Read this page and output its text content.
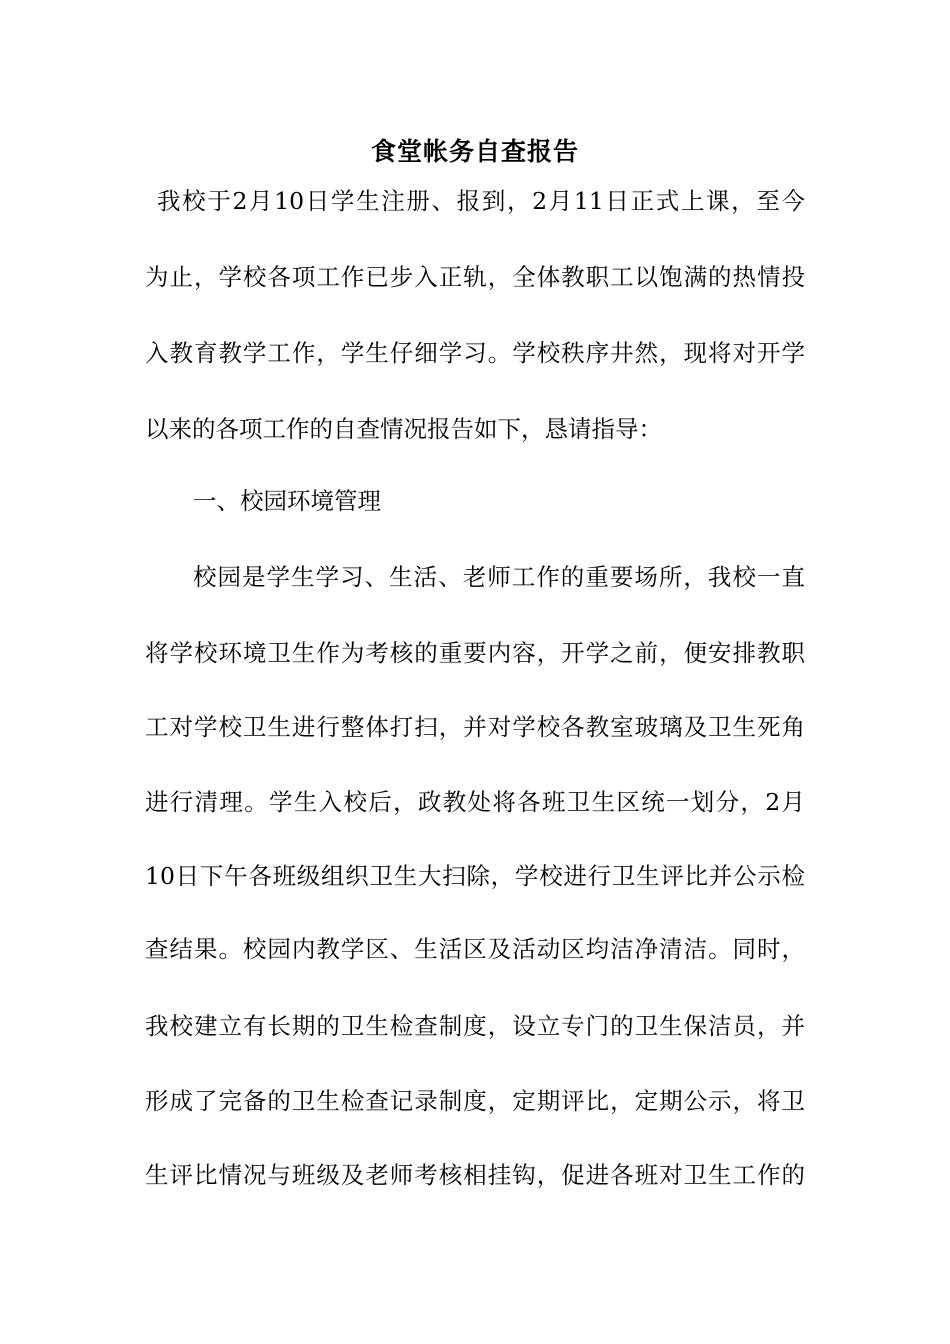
食堂帐务自查报告
我校于2月10日学生注册、报到，2月11日正式上课，至今
为止，学校各项工作已步入正轨，全体教职工以饱满的热情投
入教育教学工作，学生仔细学习。学校秩序井然，现将对开学
以来的各项工作的自查情况报告如下，恳请指导：
一、校园环境管理
校园是学生学习、生活、老师工作的重要场所，我校一直
将学校环境卫生作为考核的重要内容，开学之前，便安排教职
工对学校卫生进行整体打扫，并对学校各教室玻璃及卫生死角
进行清理。学生入校后，政教处将各班卫生区统一划分，2月
10日下午各班级组织卫生大扫除，学校进行卫生评比并公示检
查结果。校园内教学区、生活区及活动区均洁净清洁。同时，
我校建立有长期的卫生检查制度，设立专门的卫生保洁员，并
形成了完备的卫生检查记录制度，定期评比，定期公示，将卫
生评比情况与班级及老师考核相挂钩，促进各班对卫生工作的
